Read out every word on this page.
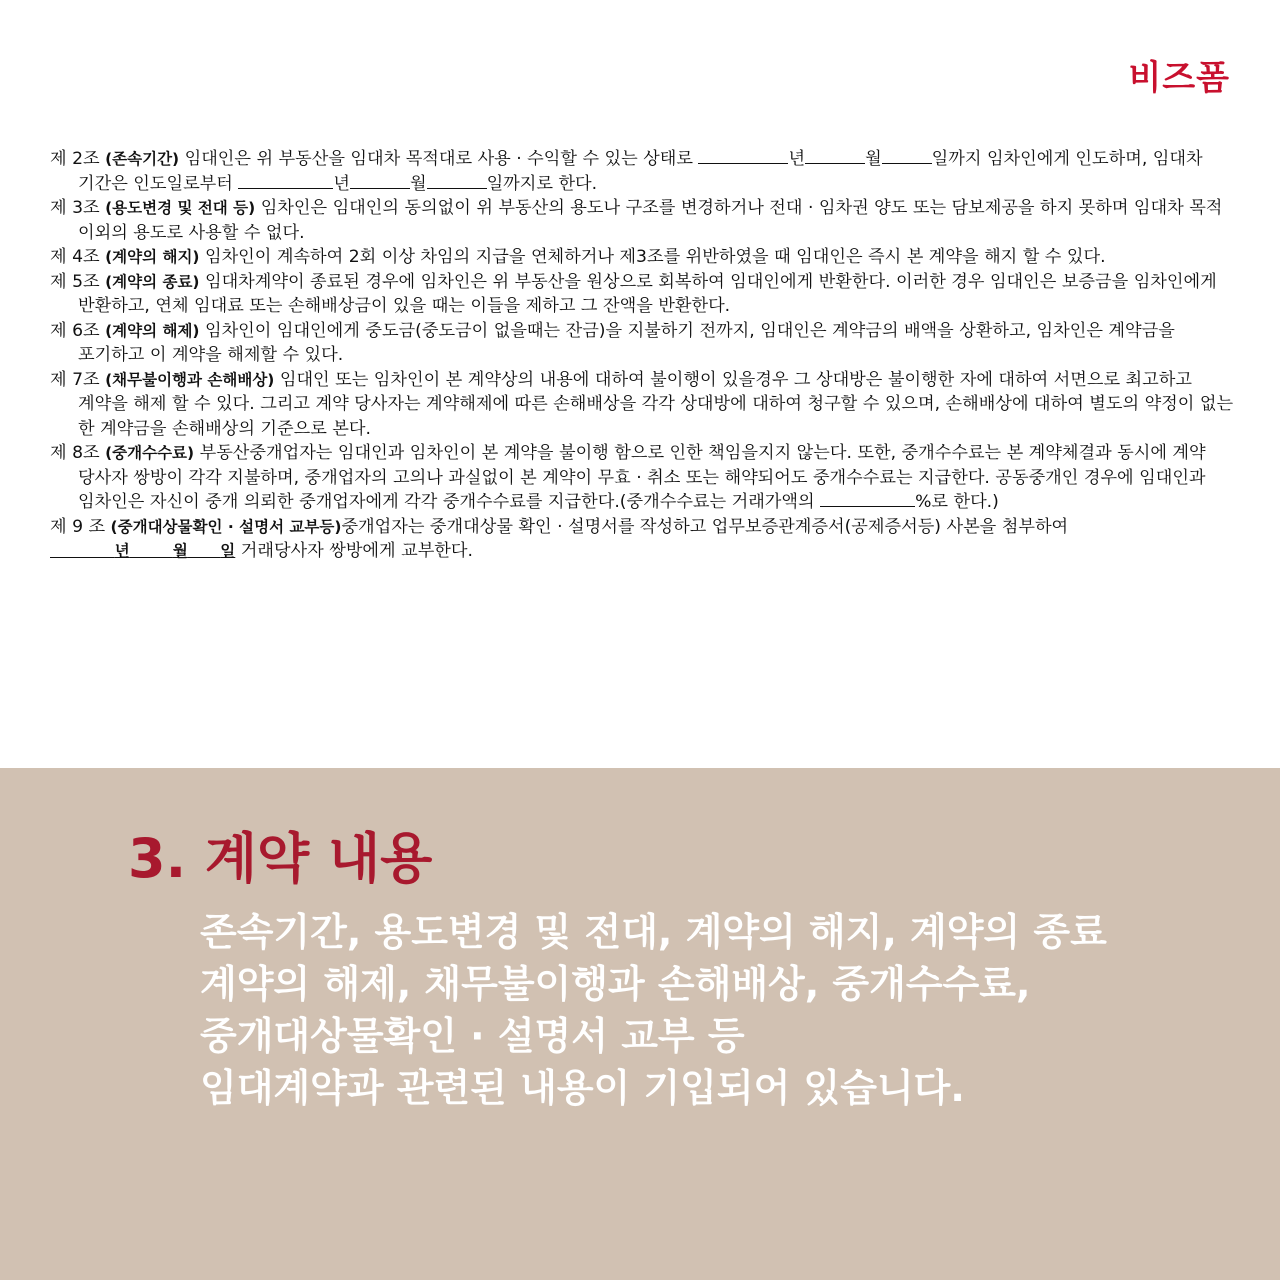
비즈폼
제 2조 (존속기간) 임대인은 위 부동산을 임대차 목적대로 사용 · 수익할 수 있는 상태로	년	월	일까지 임차인에게 인도하며, 임대차 기간은 인도일로부터	년	월	일까지로 한다.
제 3조 (용도변경 및 전대 등) 임차인은 임대인의 동의없이 위 부동산의 용도나 구조를 변경하거나 전대 · 임차권 양도 또는 담보제공을 하지 못하며 임대차 목적 이외의 용도로 사용할 수 없다.
제 4조 (계약의 해지) 임차인이 계속하여 2회 이상 차임의 지급을 연체하거나 제3조를 위반하였을 때 임대인은 즉시 본 계약을 해지 할 수 있다.
제 5조 (계약의 종료) 임대차계약이 종료된 경우에 임차인은 위 부동산을 원상으로 회복하여 임대인에게 반환한다. 이러한 경우 임대인은 보증금을 임차인에게 반환하고, 연체 임대료 또는 손해배상금이 있을 때는 이들을 제하고 그 잔액을 반환한다.
제 6조 (계약의 해제) 임차인이 임대인에게 중도금(중도금이 없을때는 잔금)을 지불하기 전까지, 임대인은 계약금의 배액을 상환하고, 임차인은 계약금을 포기하고 이 계약을 해제할 수 있다.
제 7조 (채무불이행과 손해배상) 임대인 또는 임차인이 본 계약상의 내용에 대하여 불이행이 있을경우 그 상대방은 불이행한 자에 대하여 서면으로 최고하고 계약을 해제 할 수 있다. 그리고 계약 당사자는 계약해제에 따른 손해배상을 각각 상대방에 대하여 청구할 수 있으며, 손해배상에 대하여 별도의 약정이 없는 한 계약금을 손해배상의 기준으로 본다.
제 8조 (중개수수료) 부동산중개업자는 임대인과 임차인이 본 계약을 불이행 함으로 인한 책임을지지 않는다. 또한, 중개수수료는 본 계약체결과 동시에 계약 당사자 쌍방이 각각 지불하며, 중개업자의 고의나 과실없이 본 계약이 무효 · 취소 또는 해약되어도 중개수수료는 지급한다. 공동중개인 경우에 임대인과 임차인은 자신이 중개 의뢰한 중개업자에게 각각 중개수수료를 지급한다.(중개수수료는 거래가액의	%로 한다.)
제 9 조 (중개대상물확인 · 설명서 교부등)중개업자는 중개대상물 확인 · 설명서를 작성하고 업무보증관계증서(공제증서등) 사본을 첨부하여             년	월 일 거래당사자 쌍방에게 교부한다.
3. 계약 내용
존속기간, 용도변경 및 전대, 계약의 해지, 계약의 종료
계약의 해제, 채무불이행과 손해배상, 중개수수료,
중개대상물확인 · 설명서 교부 등
임대계약과 관련된 내용이 기입되어 있습니다.
